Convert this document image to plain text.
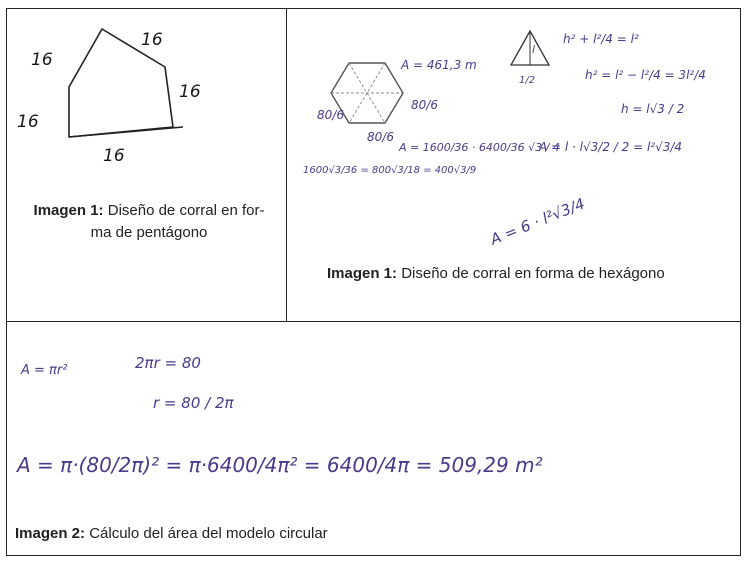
16
16
16
16
16
Imagen 1: Diseño de corral en for-
ma de pentágono
80/6
80/6
80/6
A = 461,3 m
l
1/2
h² + l²/4 = l²
h² = l² − l²/4 = 3l²/4
h = l√3 / 2
A = l · l√3/2 / 2 = l²√3/4
A = 1600/36 · 6400/36 √3 / 4
1600√3/36 = 800√3/18 = 400√3/9
A = 6 · l²√3/4
Imagen 1: Diseño de corral en forma de hexágono
A = πr²	2πr = 80
r = 80 / 2π
A = π·(80/2π)² = π·6400/4π² = 6400/4π = 509,29 m²
Imagen 2: Cálculo del área del modelo circular
